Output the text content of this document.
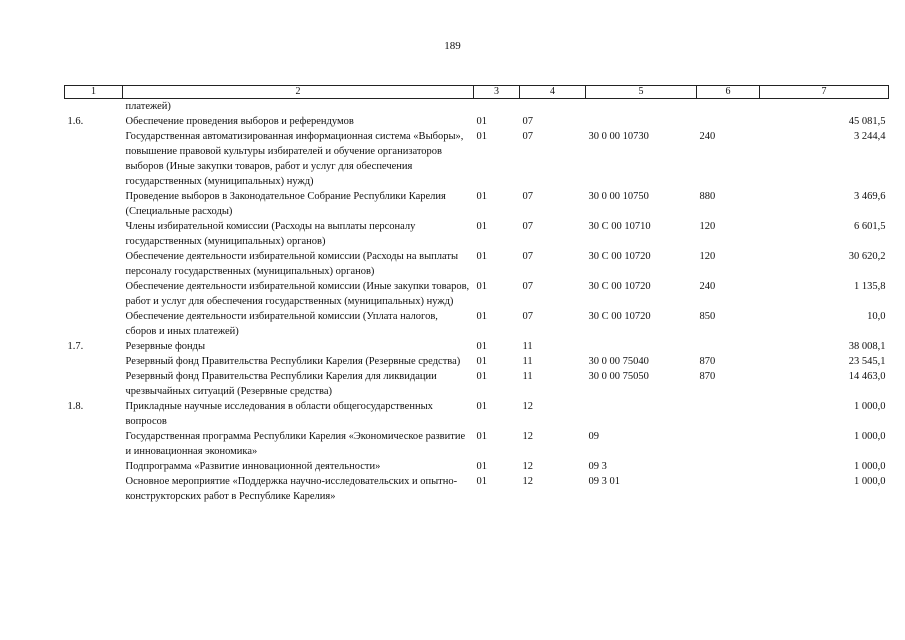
189
1	2	3	4	5	6	7
	платежей)					
1.6.	Обеспечение проведения выборов и референдумов	01	07			45 081,5
	Государственная автоматизированная информационная система «Выборы», повышение правовой культуры избирателей и обучение организаторов выборов (Иные закупки товаров, работ и услуг для обеспечения государственных (муниципальных) нужд)	01	07	30 0 00 10730	240	3 244,4
	Проведение выборов в Законодательное Собрание Республики Карелия (Специальные расходы)	01	07	30 0 00 10750	880	3 469,6
	Члены избирательной комиссии (Расходы на выплаты персоналу государственных (муниципальных) органов)	01	07	30 С 00 10710	120	6 601,5
	Обеспечение деятельности избирательной комиссии (Расходы на выплаты персоналу государственных (муниципальных) органов)	01	07	30 С 00 10720	120	30 620,2
	Обеспечение деятельности избирательной комиссии (Иные закупки товаров, работ и услуг для обеспечения государственных (муниципальных) нужд)	01	07	30 С 00 10720	240	1 135,8
	Обеспечение деятельности избирательной комиссии (Уплата налогов, сборов и иных платежей)	01	07	30 С 00 10720	850	10,0
1.7.	Резервные фонды	01	11			38 008,1
	Резервный фонд Правительства Республики Карелия (Резервные средства)	01	11	30 0 00 75040	870	23 545,1
	Резервный фонд Правительства Республики Карелия для ликвидации чрезвычайных ситуаций (Резервные средства)	01	11	30 0 00 75050	870	14 463,0
1.8.	Прикладные научные исследования в области общегосударственных вопросов	01	12			1 000,0
	Государственная программа Республики Карелия «Экономическое развитие и инновационная экономика»	01	12	09		1 000,0
	Подпрограмма «Развитие инновационной деятельности»	01	12	09 3		1 000,0
	Основное мероприятие «Поддержка научно-исследовательских и опытно-конструкторских работ в Республике Карелия»	01	12	09 3 01		1 000,0
